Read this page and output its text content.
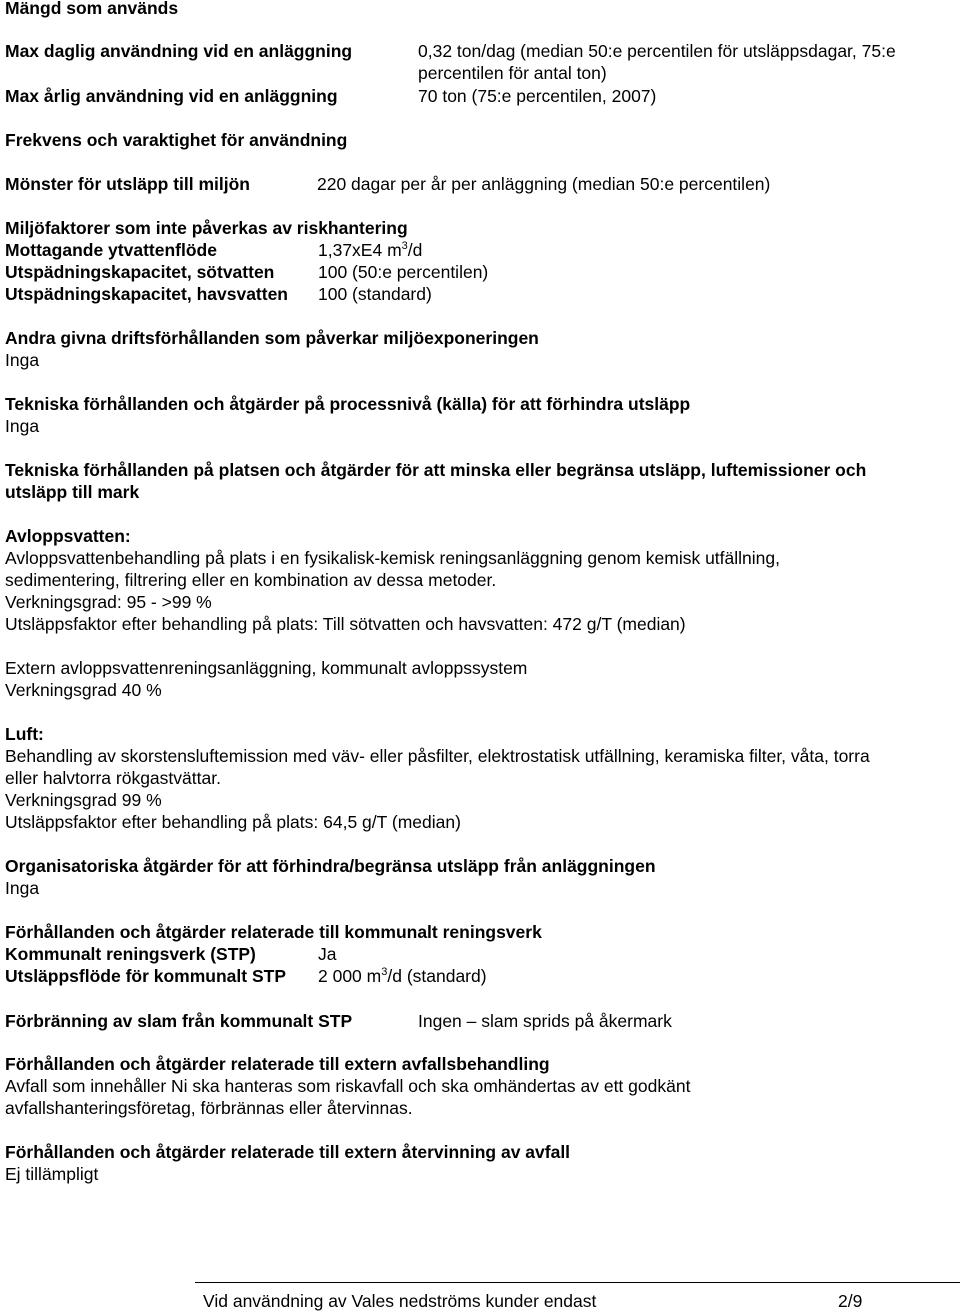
Mängd som används
Max daglig användning vid en anläggning	0,32 ton/dag (median 50:e percentilen för utsläppsdagar, 75:e
percentilen för antal ton)
Max årlig användning vid en anläggning	70 ton (75:e percentilen, 2007)
Frekvens och varaktighet för användning
Mönster för utsläpp till miljön	220 dagar per år per anläggning (median 50:e percentilen)
Miljöfaktorer som inte påverkas av riskhantering
Mottagande ytvattenflöde	1,37xE4 $m^3/d$
Utspädningskapacitet, sötvatten 100 (50:e percentilen)
Utspädningskapacitet, havsvatten 100 (standard)
Andra givna driftsförhållanden som påverkar miljöexponeringen
Inga
Tekniska förhållanden och åtgärder på processnivå (källa) för att förhindra utsläpp
Inga
Tekniska förhållanden på platsen och åtgärder för att minska eller begränsa utsläpp, luftemissioner och
utsläpp till mark
Avloppsvatten:
Avloppsvattenbehandling på plats i en fysikalisk-kemisk reningsanläggning genom kemisk utfällning,
sedimentering, filtrering eller en kombination av dessa metoder.
Verkningsgrad: 95 - >99 %
Utsläppsfaktor efter behandling på plats: Till sötvatten och havsvatten: 472 g/T (median)
Extern avloppsvattenreningsanläggning, kommunalt avloppssystem
Verkningsgrad 40 %
Luft:
Behandling av skorstensluftemission med väv- eller påsfilter, elektrostatisk utfällning, keramiska filter, våta, torra
eller halvtorra rökgastvättar.
Verkningsgrad 99 %
Utsläppsfaktor efter behandling på plats: 64,5 g/T (median)
Organisatoriska åtgärder för att förhindra/begränsa utsläpp från anläggningen
Inga
Förhållanden och åtgärder relaterade till kommunalt reningsverk
Kommunalt reningsverk (STP)	Ja
Utsläppsflöde för kommunalt STP 2 000 $m^3/d$ (standard)
Förbränning av slam från kommunalt STP	Ingen – slam sprids på åkermark
Förhållanden och åtgärder relaterade till extern avfallsbehandling
Avfall som innehåller Ni ska hanteras som riskavfall och ska omhändertas av ett godkänt
avfallshanteringsföretag, förbrännas eller återvinnas.
Förhållanden och åtgärder relaterade till extern återvinning av avfall
Ej tillämpligt
Vid användning av Vales nedströms kunder endast	2/9
